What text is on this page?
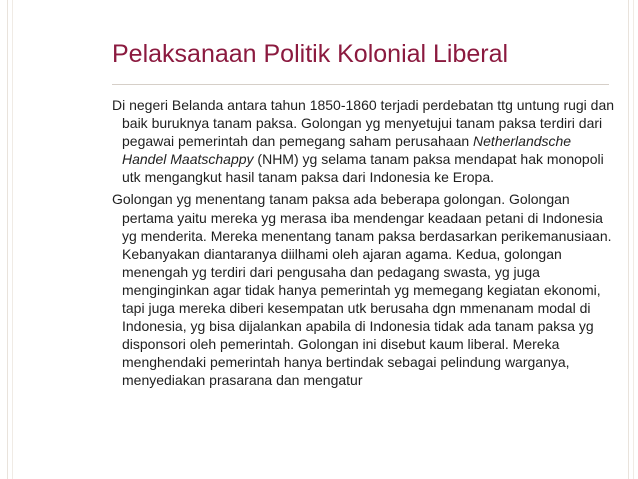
Pelaksanaan Politik Kolonial Liberal

Di negeri Belanda antara tahun 1850-1860 terjadi perdebatan ttg untung rugi dan baik buruknya tanam paksa. Golongan yg menyetujui tanam paksa terdiri dari pegawai pemerintah dan pemegang saham perusahaan Netherlandsche Handel Maatschappy (NHM) yg selama tanam paksa mendapat hak monopoli utk mengangkut hasil tanam paksa dari Indonesia ke Eropa.

Golongan yg menentang tanam paksa ada beberapa golongan. Golongan pertama yaitu mereka yg merasa iba mendengar keadaan petani di Indonesia yg menderita. Mereka menentang tanam paksa berdasarkan perikemanusiaan. Kebanyakan diantaranya diilhami oleh ajaran agama. Kedua, golongan menengah yg terdiri dari pengusaha dan pedagang swasta, yg juga menginginkan agar tidak hanya pemerintah yg memegang kegiatan ekonomi, tapi juga mereka diberi kesempatan utk berusaha dgn mmenanam modal di Indonesia, yg bisa dijalankan apabila di Indonesia tidak ada tanam paksa yg disponsori oleh pemerintah. Golongan ini disebut kaum liberal. Mereka menghendaki pemerintah hanya bertindak sebagai pelindung warganya, menyediakan prasarana dan mengatur
